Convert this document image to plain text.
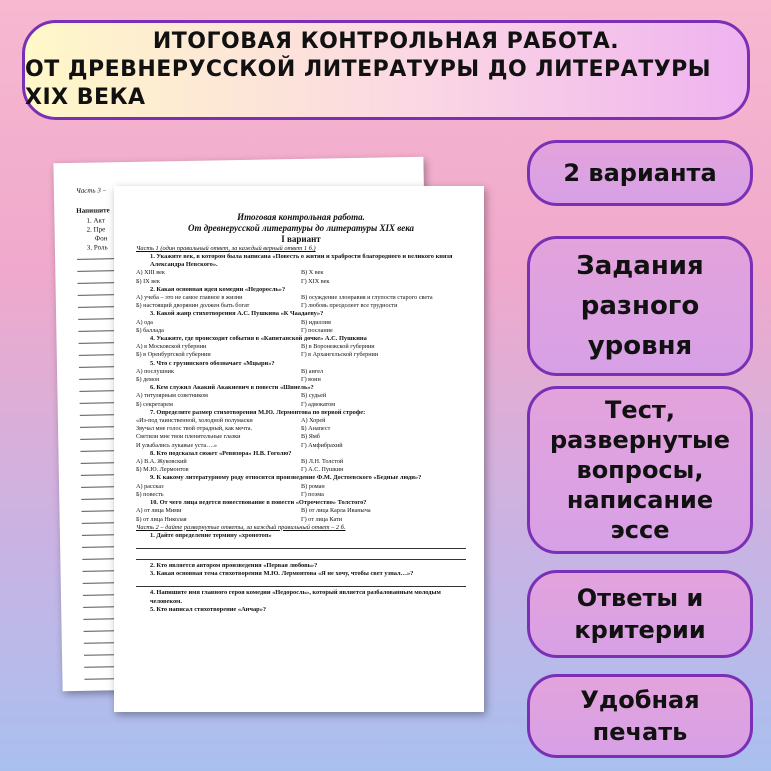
ИТОГОВАЯ КОНТРОЛЬНАЯ РАБОТА.
ОТ ДРЕВНЕРУССКОЙ ЛИТЕРАТУРЫ ДО ЛИТЕРАТУРЫ XIX ВЕКА
Часть 3 –
Напишите
1. Акт
2. Пре
Фон
3. Роль
Итоговая контрольная работа.
От древнерусской литературы до литературы XIX века
I вариант
Часть 1 (один правильный ответ, за каждый верный ответ 1 б.)
1. Укажите век, в котором была написана «Повесть о житии и храбрости благородного и великого князя Александра Невского».
А) XIII век	В) X век
Б) IX век	Г) XIX век
2. Какая основная идея комедии «Недоросль»?
А) учеба – это не самое главное в жизни	В) осуждение злонравия и глупости старого света
Б) настоящий дворянин должен быть богат	Г) любовь преодолеет все трудности
3. Какой жанр стихотворения А.С. Пушкина «К Чаадаеву»?
А) ода	В) идиллия
Б) баллада	Г) послание
4. Укажите, где происходит события в «Капитанской дочке» А.С. Пушкина
А) в Московской губернии	В) в Воронежской губернии
Б) в Оренбургской губернии	Г) в Архангельской губернии
5. Что с грузинского обозначает «Мцыри»?
А) послушник	В) ангел
Б) демон	Г) воин
6. Кем служил Акакий Акакиевич в повести «Шинель»?
А) титулярным советником	В) судьей
Б) секретарем	Г) адвокатом
7. Определите размер стихотворения М.Ю. Лермонтова по первой строфе:
«Из-под таинственной, холодной полумаски	А) Хорей
Звучал мне голос твой отрадный, как мечта.	Б) Анапест
Светили мне твои пленительные глазки	В) Ямб
И улыбались лукавые уста….»	Г) Амфибрахий
8. Кто подсказал сюжет «Ревизора» Н.В. Гоголю?
А) В.А. Жуковский	В) Л.Н. Толстой
Б) М.Ю. Лермонтов	Г) А.С. Пушкин
9. К какому литературному роду относится произведение Ф.М. Достоевского «Бедные люди»?
А) рассказ	В) роман
Б) повесть	Г) поэма
10. От чего лица ведется повествование в повести «Отрочество» Толстого?
А) от лица Мими	В) от лица Карла Иваныча
Б) от лица Николая	Г) от лица Кати
Часть 2 – дайте развернутые ответы, за каждый правильный ответ – 2 б.
1. Дайте определение термину «хронотоп»
2. Кто является автором произведения «Первая любовь»?
3. Какая основная тема стихотворения М.Ю. Лермонтова «Я не хочу, чтобы свет узнал…»?
4. Напишите имя главного героя комедии «Недоросль», который является разбалованным молодым человеком.
5. Кто написал стихотворение «Анчар»?
2 варианта
Задания
разного
уровня
Тест,
развернутые
вопросы,
написание
эссе
Ответы и
критерии
Удобная
печать
